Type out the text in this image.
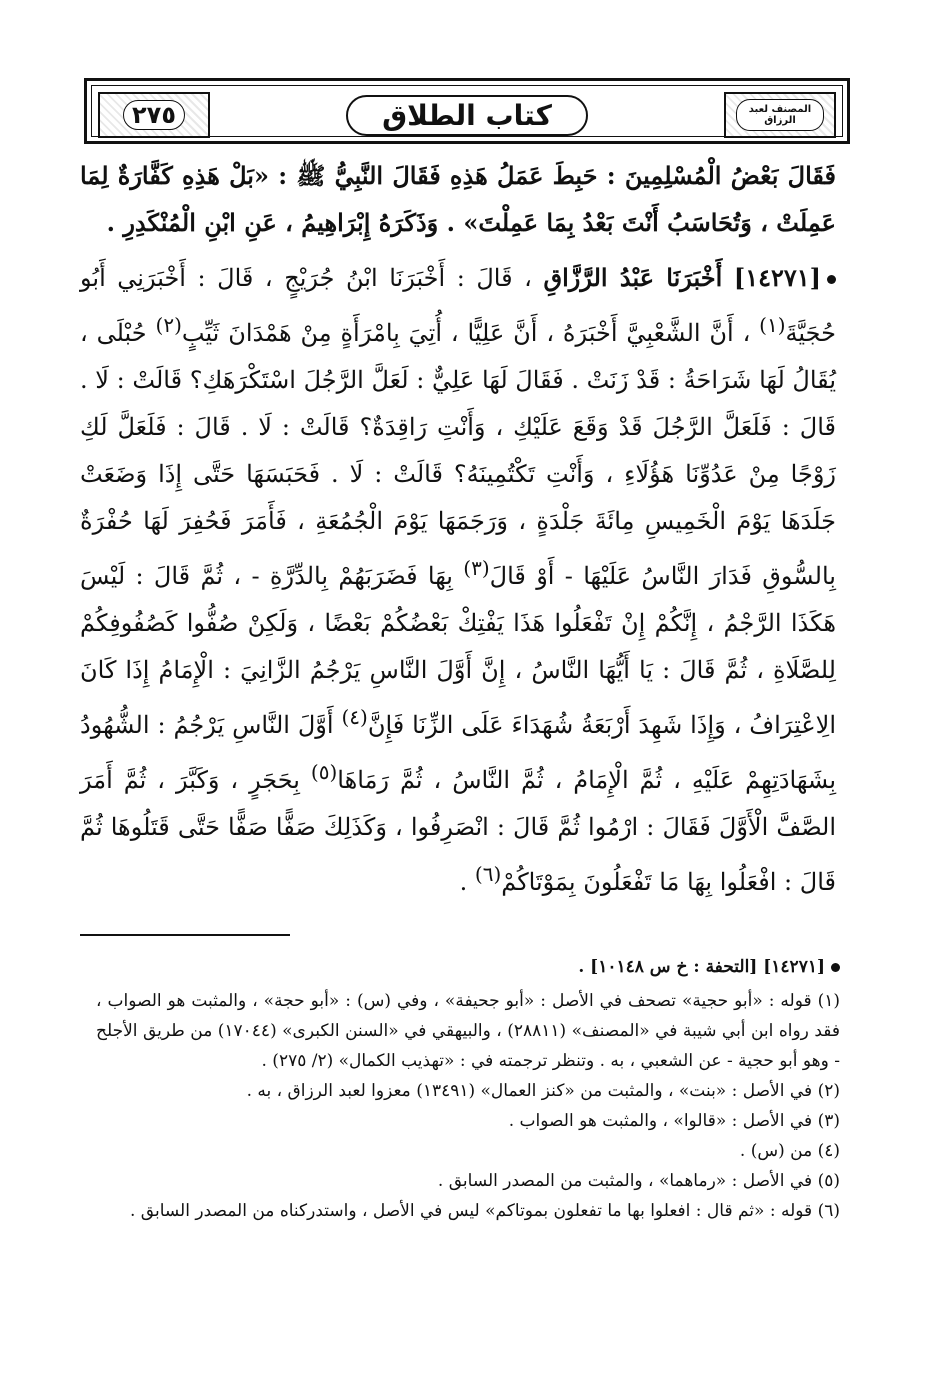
٢٧٥	كتاب الطلاق	المصنف لعبد الرزاق

فَقَالَ بَعْضُ الْمُسْلِمِينَ : حَبِطَ عَمَلُ هَذِهِ فَقَالَ النَّبِيُّ ﷺ : «بَلْ هَذِهِ كَفَّارَةٌ لِمَا عَمِلَتْ ، وَتُحَاسَبُ أَنْتَ بَعْدُ بِمَا عَمِلْتَ» . وَذَكَرَهُ إِبْرَاهِيمُ ، عَنِ ابْنِ الْمُنْكَدِرِ .

[١٤٢٧١] أَخْبَرَنَا عَبْدُ الرَّزَّاقِ ، قَالَ : أَخْبَرَنَا ابْنُ جُرَيْجٍ ، قَالَ : أَخْبَرَنِي أَبُو حُجَيَّةَ$^{(١)}$ ، أَنَّ الشَّعْبِيَّ أَخْبَرَهُ ، أَنَّ عَلِيًّا ، أُتِيَ بِامْرَأَةٍ مِنْ هَمْدَانَ ثَيِّبٍ$^{(٢)}$ حُبْلَى ، يُقَالُ لَهَا شَرَاحَةُ : قَدْ زَنَتْ . فَقَالَ لَهَا عَلِيٌّ : لَعَلَّ الرَّجُلَ اسْتَكْرَهَكِ؟ قَالَتْ : لَا . قَالَ : فَلَعَلَّ الرَّجُلَ قَدْ وَقَعَ عَلَيْكِ ، وَأَنْتِ رَاقِدَةٌ؟ قَالَتْ : لَا . قَالَ : فَلَعَلَّ لَكِ زَوْجًا مِنْ عَدُوِّنَا هَؤُلَاءِ ، وَأَنْتِ تَكْتُمِينَهُ؟ قَالَتْ : لَا . فَحَبَسَهَا حَتَّى إِذَا وَضَعَتْ جَلَدَهَا يَوْمَ الْخَمِيسِ مِائَةَ جَلْدَةٍ ، وَرَجَمَهَا يَوْمَ الْجُمُعَةِ ، فَأَمَرَ فَحُفِرَ لَهَا حُفْرَةٌ بِالسُّوقِ فَدَارَ النَّاسُ عَلَيْهَا - أَوْ قَالَ$^{(٣)}$ بِهَا فَضَرَبَهُمْ بِالدِّرَّةِ - ، ثُمَّ قَالَ : لَيْسَ هَكَذَا الرَّجْمُ ، إِنَّكُمْ إِنْ تَفْعَلُوا هَذَا يَفْتِكْ بَعْضُكُمْ بَعْضًا ، وَلَكِنْ صُفُّوا كَصُفُوفِكُمْ لِلصَّلَاةِ ، ثُمَّ قَالَ : يَا أَيُّهَا النَّاسُ ، إِنَّ أَوَّلَ النَّاسِ يَرْجُمُ الزَّانِيَ : الْإِمَامُ إِذَا كَانَ الِاعْتِرَافُ ، وَإِذَا شَهِدَ أَرْبَعَةُ شُهَدَاءَ عَلَى الزِّنَا فَإِنَّ$^{(٤)}$ أَوَّلَ النَّاسِ يَرْجُمُ : الشُّهُودُ بِشَهَادَتِهِمْ عَلَيْهِ ، ثُمَّ الْإِمَامُ ، ثُمَّ النَّاسُ ، ثُمَّ رَمَاهَا$^{(٥)}$ بِحَجَرٍ ، وَكَبَّرَ ، ثُمَّ أَمَرَ الصَّفَّ الْأَوَّلَ فَقَالَ : ارْمُوا ثُمَّ قَالَ : انْصَرِفُوا ، وَكَذَلِكَ صَفًّا صَفًّا حَتَّى قَتَلُوهَا ثُمَّ قَالَ : افْعَلُوا بِهَا مَا تَفْعَلُونَ بِمَوْتَاكُمْ$^{(٦)}$ .

[١٤٢٧١] [التحفة : خ س ١٠١٤٨] .

(١) قوله : «أبو حجية» تصحف في الأصل : «أبو جحيفة» ، وفي (س) : «أبو حجة» ، والمثبت هو الصواب ، فقد رواه ابن أبي شيبة في «المصنف» (٢٨٨١١) ، والبيهقي في «السنن الكبرى» (١٧٠٤٤) من طريق الأجلح - وهو أبو حجية - عن الشعبي ، به . وتنظر ترجمته في : «تهذيب الكمال» (٢/ ٢٧٥) .

(٢) في الأصل : «بنت» ، والمثبت من «كنز العمال» (١٣٤٩١) معزوا لعبد الرزاق ، به .

(٣) في الأصل : «قالوا» ، والمثبت هو الصواب .

(٤) من (س) .

(٥) في الأصل : «رماهما» ، والمثبت من المصدر السابق .

(٦) قوله : «ثم قال : افعلوا بها ما تفعلون بموتاكم» ليس في الأصل ، واستدركناه من المصدر السابق .
